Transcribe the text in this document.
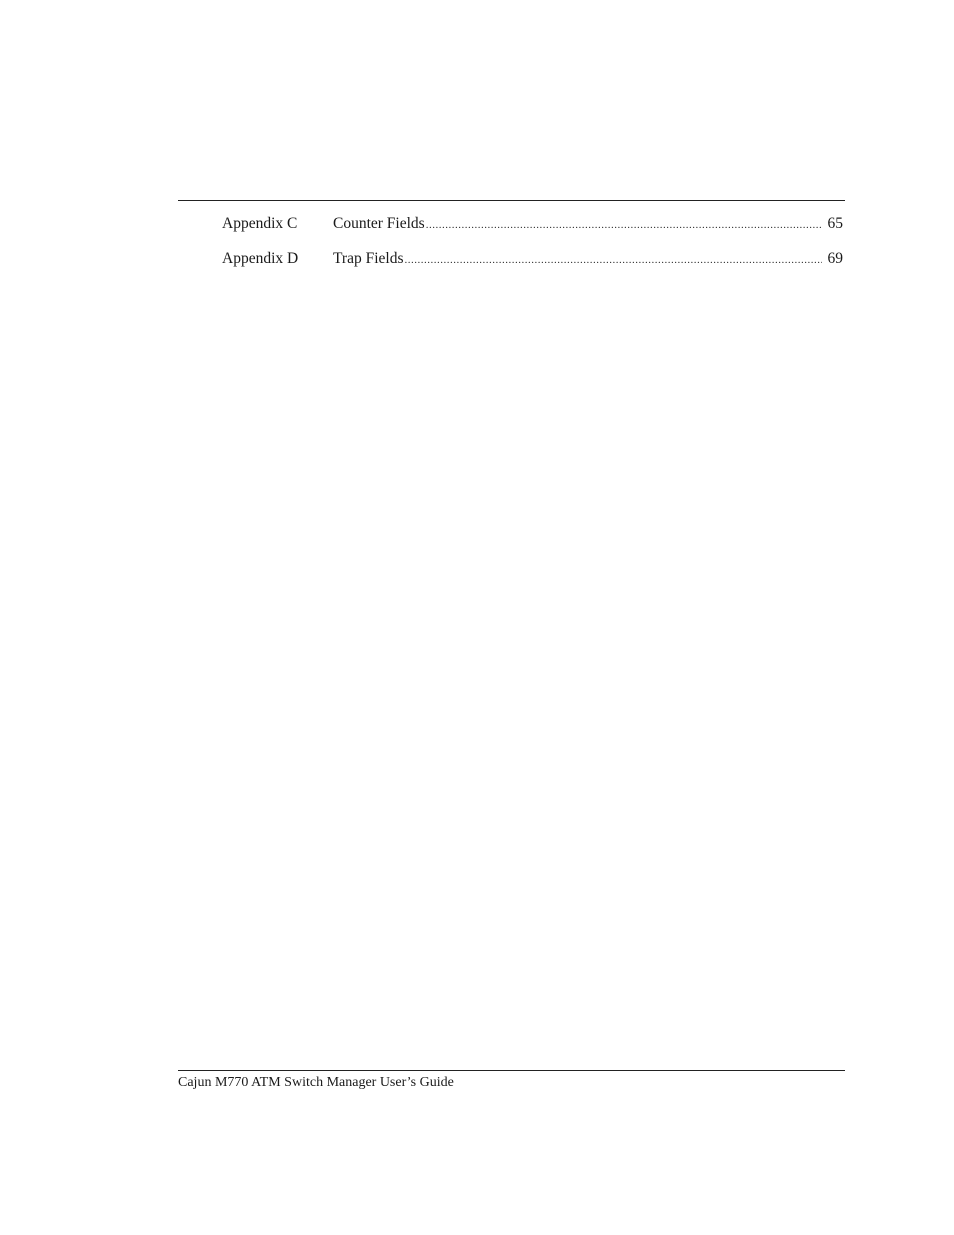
Appendix C	Counter Fields .....	65
Appendix D	Trap Fields .....	69
Cajun M770 ATM Switch Manager User’s Guide
